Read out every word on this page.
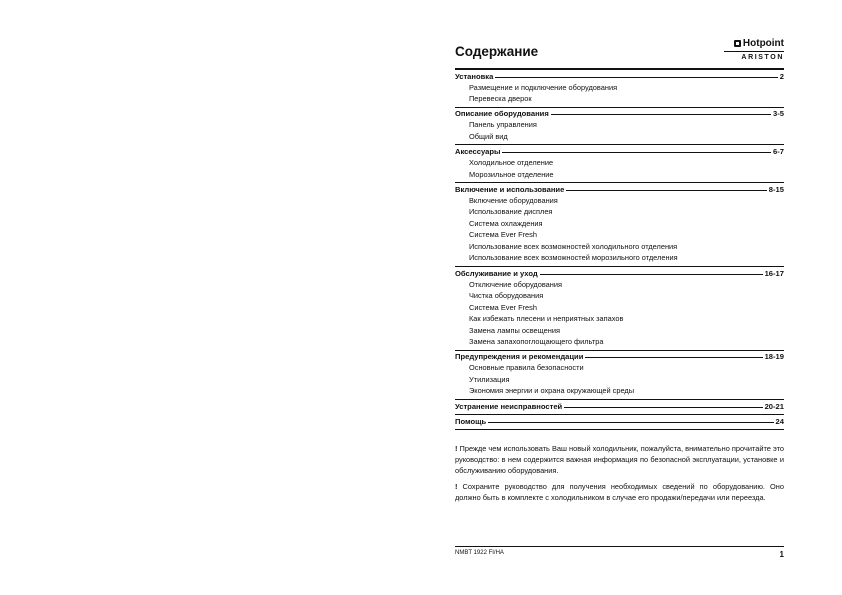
Содержание
Hotpoint
ARISTON
Установка	2
Размещение и подключение оборудования
Перевеска дверок
Описание оборудования	3-5
Панель управления
Общий вид
Аксессуары	6-7
Холодильное отделение
Морозильное отделение
Включение и использование	8-15
Включение оборудования
Использование дисплея
Система охлаждения
Система Ever Fresh
Использование всех возможностей холодильного отделения
Использование всех возможностей морозильного отделения
Обслуживание и уход	16-17
Отключение оборудования
Чистка оборудования
Система Ever Fresh
Как избежать плесени и неприятных запахов
Замена лампы освещения
Замена запахопоглощающего фильтра
Предупреждения и рекомендации	18-19
Основные правила безопасности
Утилизация
Экономия энергии и охрана окружающей среды
Устранение неисправностей	20-21
Помощь	24
! Прежде чем использовать Ваш новый холодильник, пожалуйста, внимательно прочитайте это руководство: в нем содержится важная информация по безопасной эксплуатации, установке и обслуживанию оборудования.
! Сохраните руководство для получения необходимых сведений по оборудованию. Оно должно быть в комплекте с холодильником в случае его продажи/передачи или переезда.
NMBT 1922 FI/HA	1
